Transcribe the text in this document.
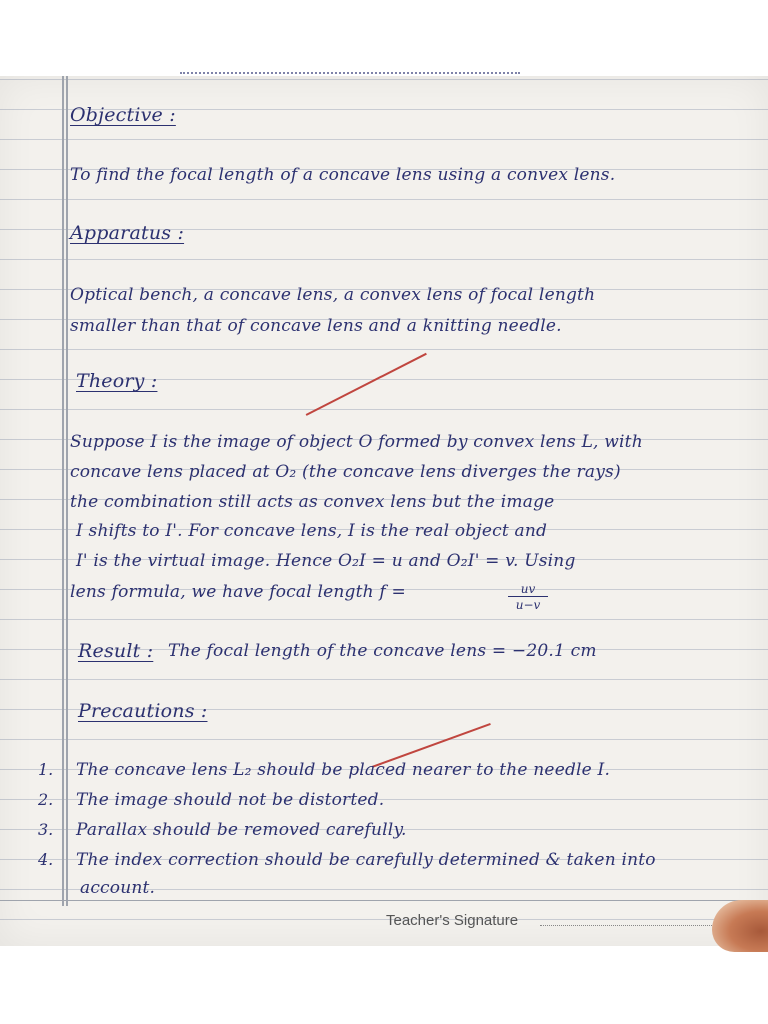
Objective :
To find the focal length of a concave lens using a convex lens.
Apparatus :
Optical bench, a concave lens, a convex lens of focal length
smaller than that of concave lens and a knitting needle.
Theory :
Suppose I is the image of object O formed by convex lens L, with
concave lens placed at O₂ (the concave lens diverges the rays)
the combination still acts as convex lens but the image
I shifts to I'. For concave lens, I is the real object and
I' is the virtual image. Hence O₂I = u and O₂I' = v. Using
lens formula, we have focal length f =	uv
u−v
Result : The focal length of the concave lens = −20.1 cm
Precautions :
1. The concave lens L₂ should be placed nearer to the needle I.
2. The image should not be distorted.
3. Parallax should be removed carefully.
4. The index correction should be carefully determined & taken into
account.
Teacher's Signature
